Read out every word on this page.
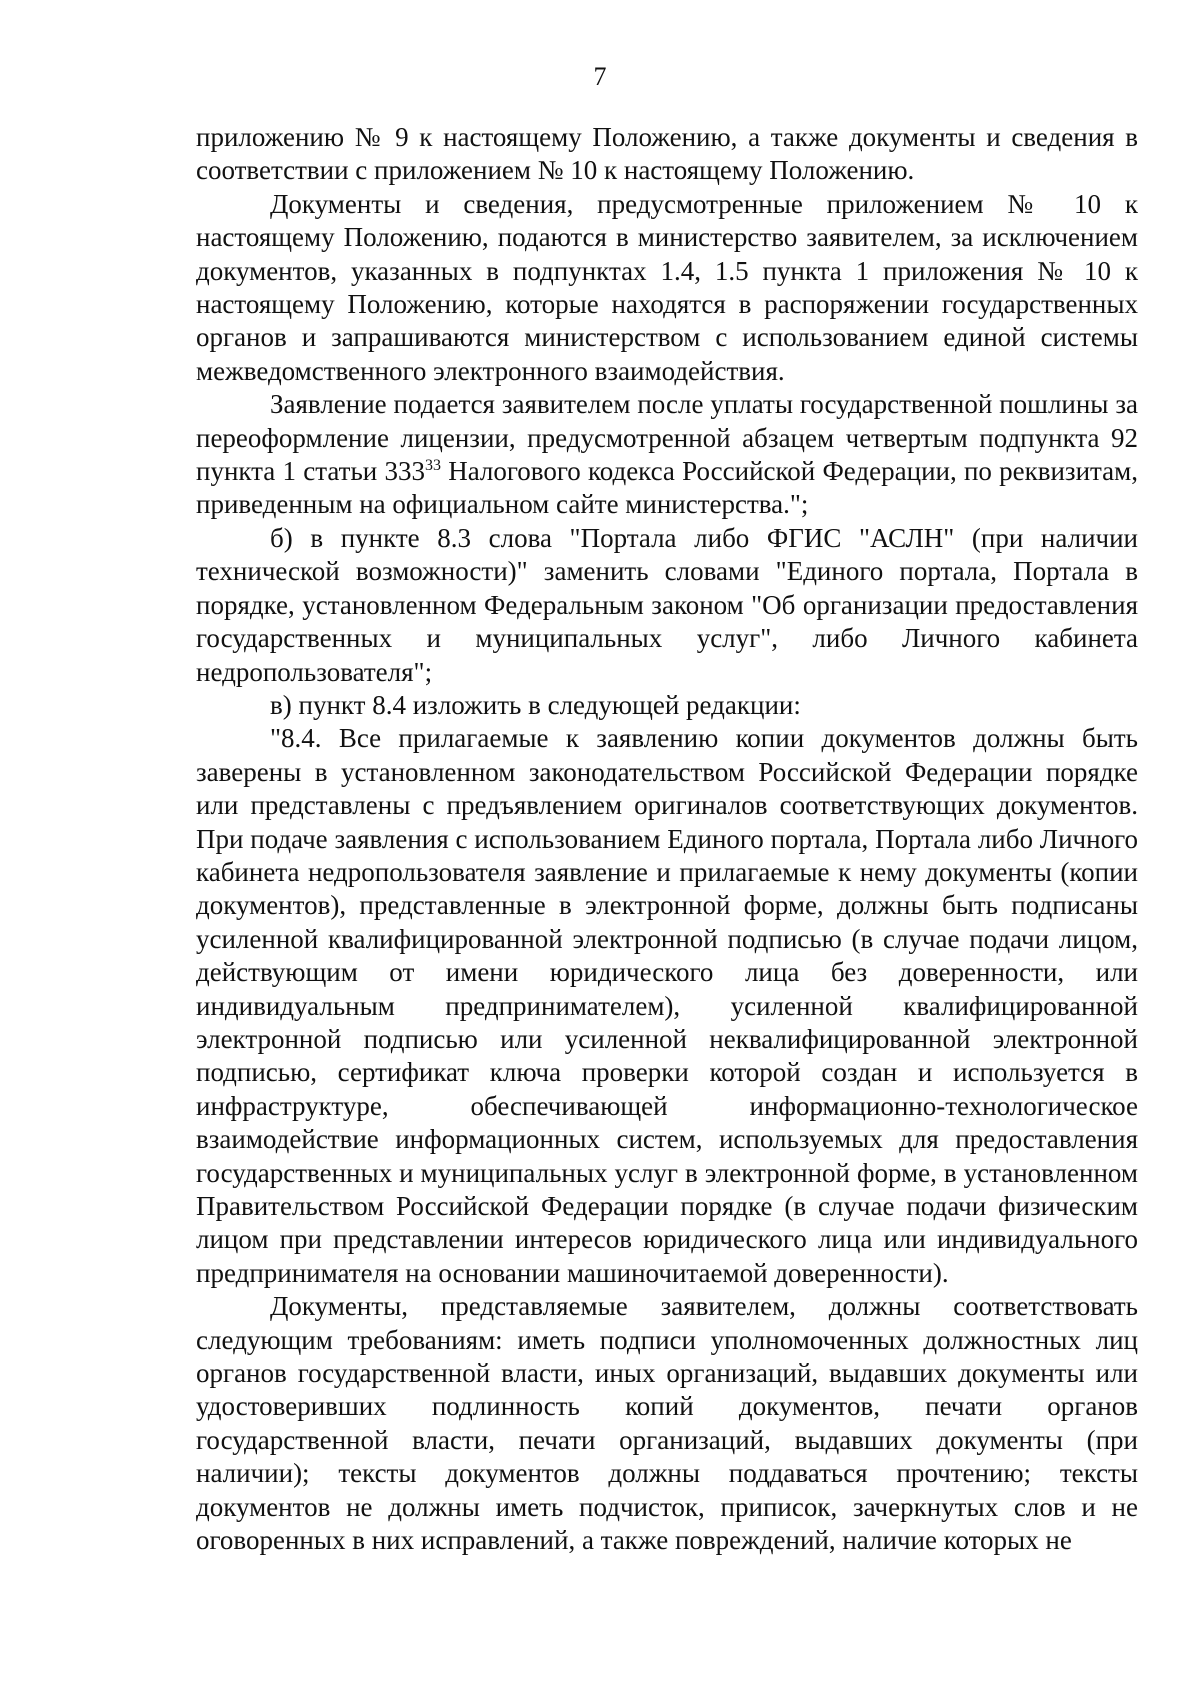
7

приложению № 9 к настоящему Положению, а также документы и сведения в соответствии с приложением № 10 к настоящему Положению.

Документы и сведения, предусмотренные приложением № 10 к настоящему Положению, подаются в министерство заявителем, за исключением документов, указанных в подпунктах 1.4, 1.5 пункта 1 приложения № 10 к настоящему Положению, которые находятся в распоряжении государственных органов и запрашиваются министерством с использованием единой системы межведомственного электронного взаимодействия.

Заявление подается заявителем после уплаты государственной пошлины за переоформление лицензии, предусмотренной абзацем четвертым подпункта 92 пункта 1 статьи $333^{33}$ Налогового кодекса Российской Федерации, по реквизитам, приведенным на официальном сайте министерства.";

б) в пункте 8.3 слова "Портала либо ФГИС "АСЛН" (при наличии технической возможности)" заменить словами "Единого портала, Портала в порядке, установленном Федеральным законом "Об организации предоставления государственных и муниципальных услуг", либо Личного кабинета недропользователя";

в) пункт 8.4 изложить в следующей редакции:

"8.4. Все прилагаемые к заявлению копии документов должны быть заверены в установленном законодательством Российской Федерации порядке или представлены с предъявлением оригиналов соответствующих документов. При подаче заявления с использованием Единого портала, Портала либо Личного кабинета недропользователя заявление и прилагаемые к нему документы (копии документов), представленные в электронной форме, должны быть подписаны усиленной квалифицированной электронной подписью (в случае подачи лицом, действующим от имени юридического лица без доверенности, или индивидуальным предпринимателем), усиленной квалифицированной электронной подписью или усиленной неквалифицированной электронной подписью, сертификат ключа проверки которой создан и используется в инфраструктуре, обеспечивающей информационно-технологическое взаимодействие информационных систем, используемых для предоставления государственных и муниципальных услуг в электронной форме, в установленном Правительством Российской Федерации порядке (в случае подачи физическим лицом при представлении интересов юридического лица или индивидуального предпринимателя на основании машиночитаемой доверенности).

Документы, представляемые заявителем, должны соответствовать следующим требованиям: иметь подписи уполномоченных должностных лиц органов государственной власти, иных организаций, выдавших документы или удостоверивших подлинность копий документов, печати органов государственной власти, печати организаций, выдавших документы (при наличии); тексты документов должны поддаваться прочтению; тексты документов не должны иметь подчисток, приписок, зачеркнутых слов и не оговоренных в них исправлений, а также повреждений, наличие которых не
